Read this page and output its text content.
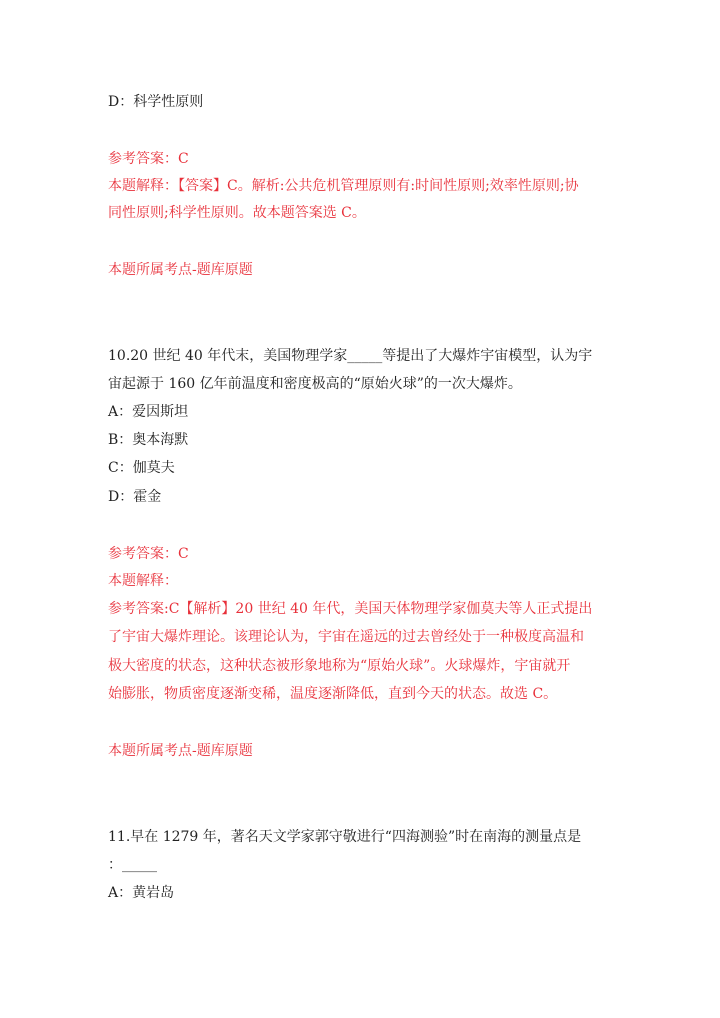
D：科学性原则
参考答案：C
本题解释：【答案】C。解析:公共危机管理原则有:时间性原则;效率性原则;协
同性原则;科学性原则。故本题答案选 C。
本题所属考点-题库原题
10.20 世纪 40 年代末，美国物理学家_____等提出了大爆炸宇宙模型，认为宇
宙起源于 160 亿年前温度和密度极高的“原始火球”的一次大爆炸。
A：爱因斯坦
B：奥本海默
C：伽莫夫
D：霍金
参考答案：C
本题解释：
参考答案:C【解析】20 世纪 40 年代，美国天体物理学家伽莫夫等人正式提出
了宇宙大爆炸理论。该理论认为，宇宙在遥远的过去曾经处于一种极度高温和
极大密度的状态，这种状态被形象地称为“原始火球”。火球爆炸，宇宙就开
始膨胀，物质密度逐渐变稀，温度逐渐降低，直到今天的状态。故选 C。
本题所属考点-题库原题
11.早在 1279 年，著名天文学家郭守敬进行“四海测验”时在南海的测量点是
：_____
A：黄岩岛
